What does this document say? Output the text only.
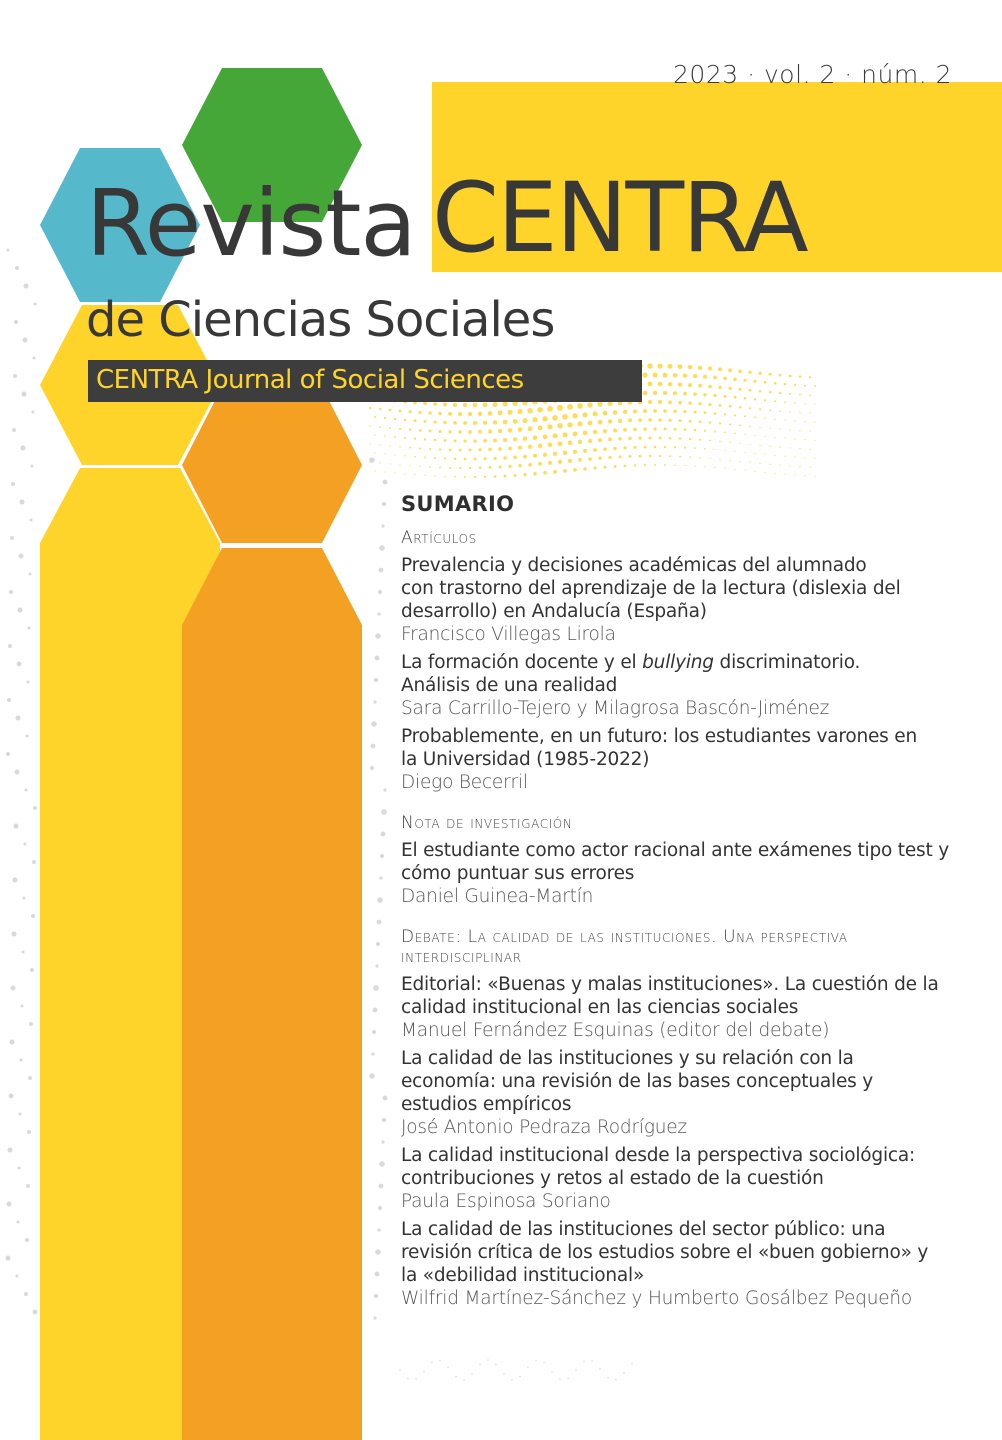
2023 · vol. 2 · núm. 2
Revista CENTRA
de Ciencias Sociales
CENTRA Journal of Social Sciences
SUMARIO
Artículos
Prevalencia y decisiones académicas del alumnado
con trastorno del aprendizaje de la lectura (dislexia del
desarrollo) en Andalucía (España)
Francisco Villegas Lirola
La formación docente y el bullying discriminatorio.
Análisis de una realidad
Sara Carrillo-Tejero y Milagrosa Bascón-Jiménez
Probablemente, en un futuro: los estudiantes varones en
la Universidad (1985-2022)
Diego Becerril
Nota de investigación
El estudiante como actor racional ante exámenes tipo test y
cómo puntuar sus errores
Daniel Guinea-Martín
Debate: La calidad de las instituciones. Una perspectiva
interdisciplinar
Editorial: «Buenas y malas instituciones». La cuestión de la
calidad institucional en las ciencias sociales
Manuel Fernández Esquinas (editor del debate)
La calidad de las instituciones y su relación con la
economía: una revisión de las bases conceptuales y
estudios empíricos
José Antonio Pedraza Rodríguez
La calidad institucional desde la perspectiva sociológica:
contribuciones y retos al estado de la cuestión
Paula Espinosa Soriano
La calidad de las instituciones del sector público: una
revisión crítica de los estudios sobre el «buen gobierno» y
la «debilidad institucional»
Wilfrid Martínez-Sánchez y Humberto Gosálbez Pequeño
